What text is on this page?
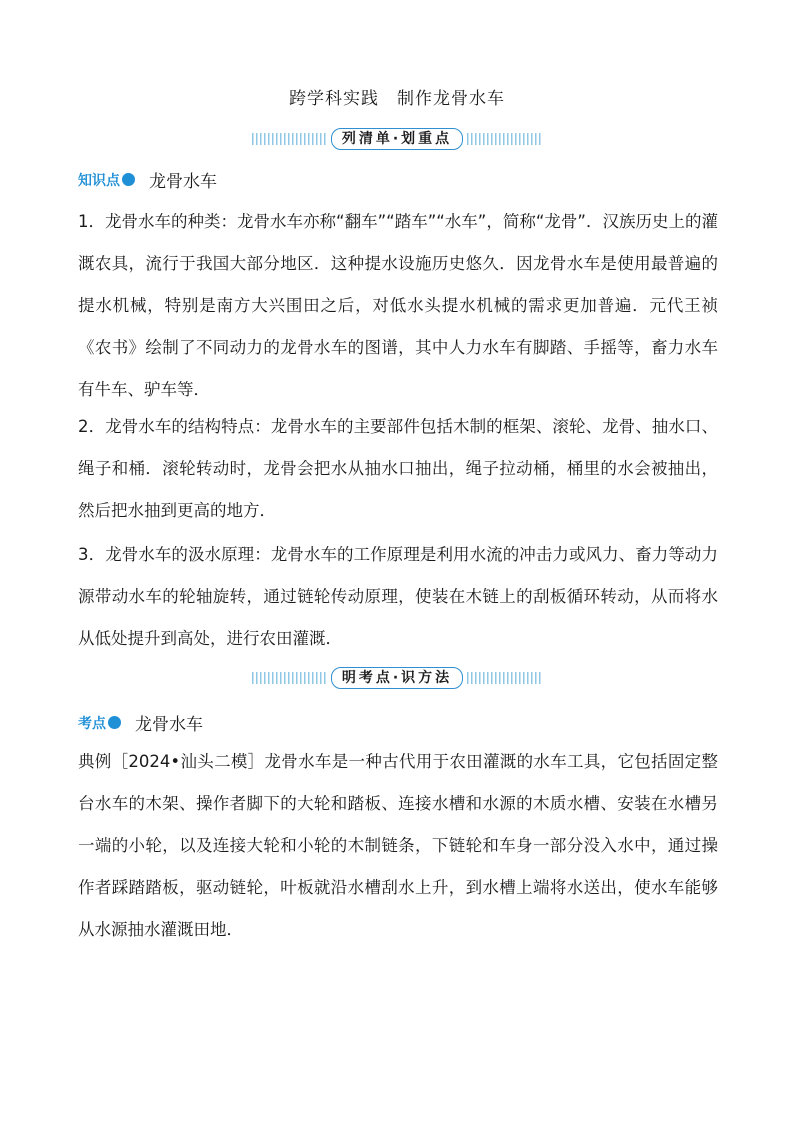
跨学科实践　制作龙骨水车
列清单·划重点
知识点 龙骨水车
1．龙骨水车的种类：龙骨水车亦称“翻车”“踏车”“水车”，简称“龙骨”．汉族历史上的灌溉农具，流行于我国大部分地区．这种提水设施历史悠久．因龙骨水车是使用最普遍的提水机械，特别是南方大兴围田之后，对低水头提水机械的需求更加普遍．元代王祯《农书》绘制了不同动力的龙骨水车的图谱，其中人力水车有脚踏、手摇等，畜力水车有牛车、驴车等．
2．龙骨水车的结构特点：龙骨水车的主要部件包括木制的框架、滚轮、龙骨、抽水口、绳子和桶．滚轮转动时，龙骨会把水从抽水口抽出，绳子拉动桶，桶里的水会被抽出，然后把水抽到更高的地方．
3．龙骨水车的汲水原理：龙骨水车的工作原理是利用水流的冲击力或风力、畜力等动力源带动水车的轮轴旋转，通过链轮传动原理，使装在木链上的刮板循环转动，从而将水从低处提升到高处，进行农田灌溉．
明考点·识方法
考点 龙骨水车
典例［2024•汕头二模］龙骨水车是一种古代用于农田灌溉的水车工具，它包括固定整台水车的木架、操作者脚下的大轮和踏板、连接水槽和水源的木质水槽、安装在水槽另一端的小轮，以及连接大轮和小轮的木制链条，下链轮和车身一部分没入水中，通过操作者踩踏踏板，驱动链轮，叶板就沿水槽刮水上升，到水槽上端将水送出，使水车能够从水源抽水灌溉田地．
